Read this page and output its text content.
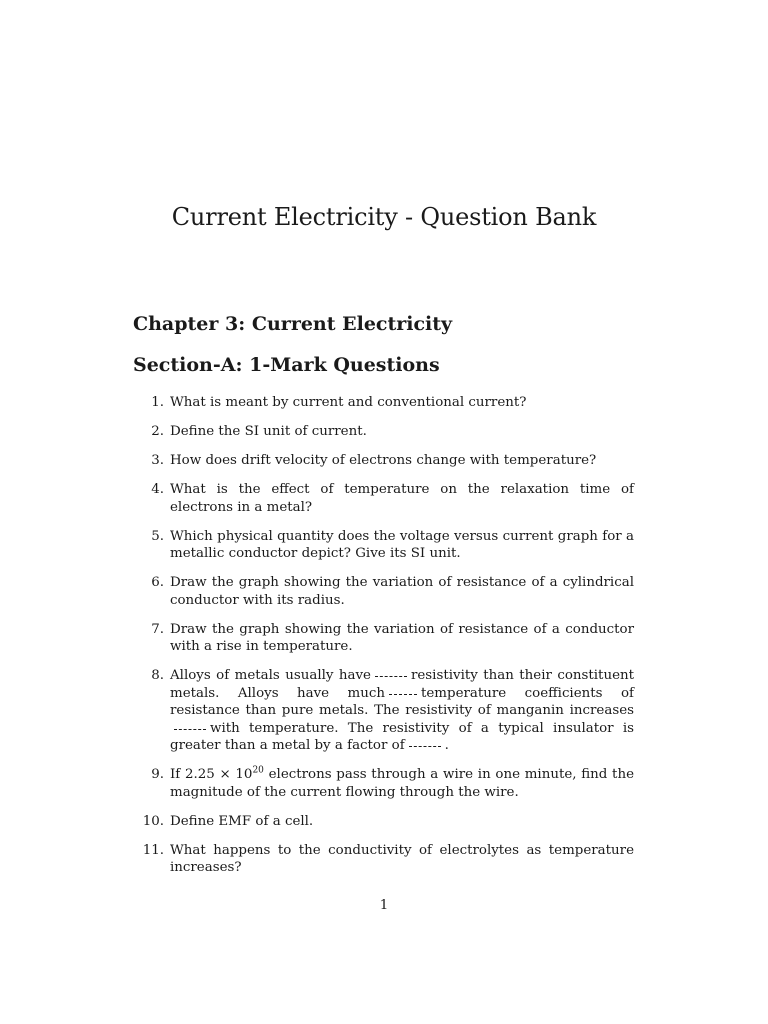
Current Electricity - Question Bank
Chapter 3: Current Electricity
Section-A: 1-Mark Questions
1. What is meant by current and conventional current?
2. Define the SI unit of current.
3. How does drift velocity of electrons change with temperature?
4. What is the effect of temperature on the relaxation time of electrons in a metal?
5. Which physical quantity does the voltage versus current graph for a metallic conductor depict? Give its SI unit.
6. Draw the graph showing the variation of resistance of a cylindrical conductor with its radius.
7. Draw the graph showing the variation of resistance of a conductor with a rise in temperature.
8. Alloys of metals usually have	resistivity than their constituent metals. Alloys have much	temperature coefficients of resistance than pure metals. The resistivity of manganin increaseswith temperature. The resistivity of a typical insulator is greater than a metal by a factor of	.
9. If $2.25 \times 10^{20}$ electrons pass through a wire in one minute, find the magnitude of the current flowing through the wire.
10. Define EMF of a cell.
11. What happens to the conductivity of electrolytes as temperature increases?
1
